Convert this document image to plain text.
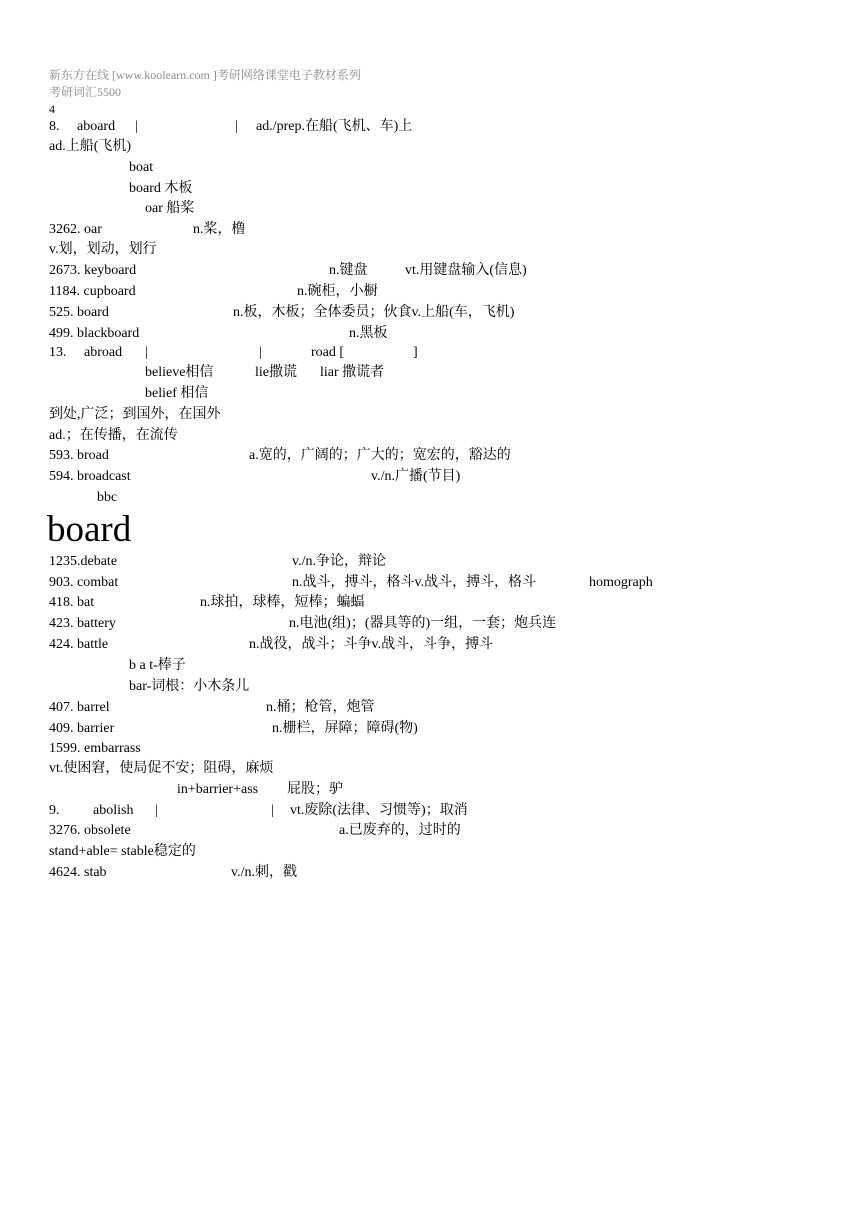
新东方在线 [www.koolearn.com ]考研网络课堂电子教材系列
考研词汇5500
4
8. aboard |	| ad./prep.在船(飞机、车)上
ad.上船(飞机)
boat
board 木板
oar 船桨
3262. oar	n.桨，橹
v.划，划动，划行
2673. keyboard	n.键盘	vt.用键盘输入(信息)
1184. cupboard	n.碗柜，小橱
525. board	n.板，木板；全体委员；伙食v.上船(车，飞机)
499. blackboard	n.黑板
13. abroad |	|	road [	]
believe相信	lie撒谎 liar 撒谎者
belief 相信
到处,广泛；到国外，在国外
ad.；在传播，在流传
593. broad	a.宽的，广阔的；广大的；宽宏的，豁达的
594. broadcast	v./n.广播(节目)
bbc
board
1235.debate	v./n.争论，辩论
903. combat	n.战斗，搏斗，格斗v.战斗，搏斗，格斗	homograph
418. bat	n.球拍，球棒，短棒；蝙蝠
423. battery	n.电池(组)；(器具等的)一组，一套；炮兵连
424. battle	n.战役，战斗；斗争v.战斗，斗争，搏斗
b a t-棒子
bar-词根：小木条儿
407. barrel	n.桶；枪管，炮管
409. barrier	n.栅栏，屏障；障碍(物)
1599. embarrass
vt.使困窘，使局促不安；阻碍，麻烦
in+barrier+ass 屁股；驴
9. abolish |	| vt.废除(法律、习惯等)；取消
3276. obsolete	a.已废弃的，过时的
stand+able= stable稳定的
4624. stab	v./n.刺，戳
